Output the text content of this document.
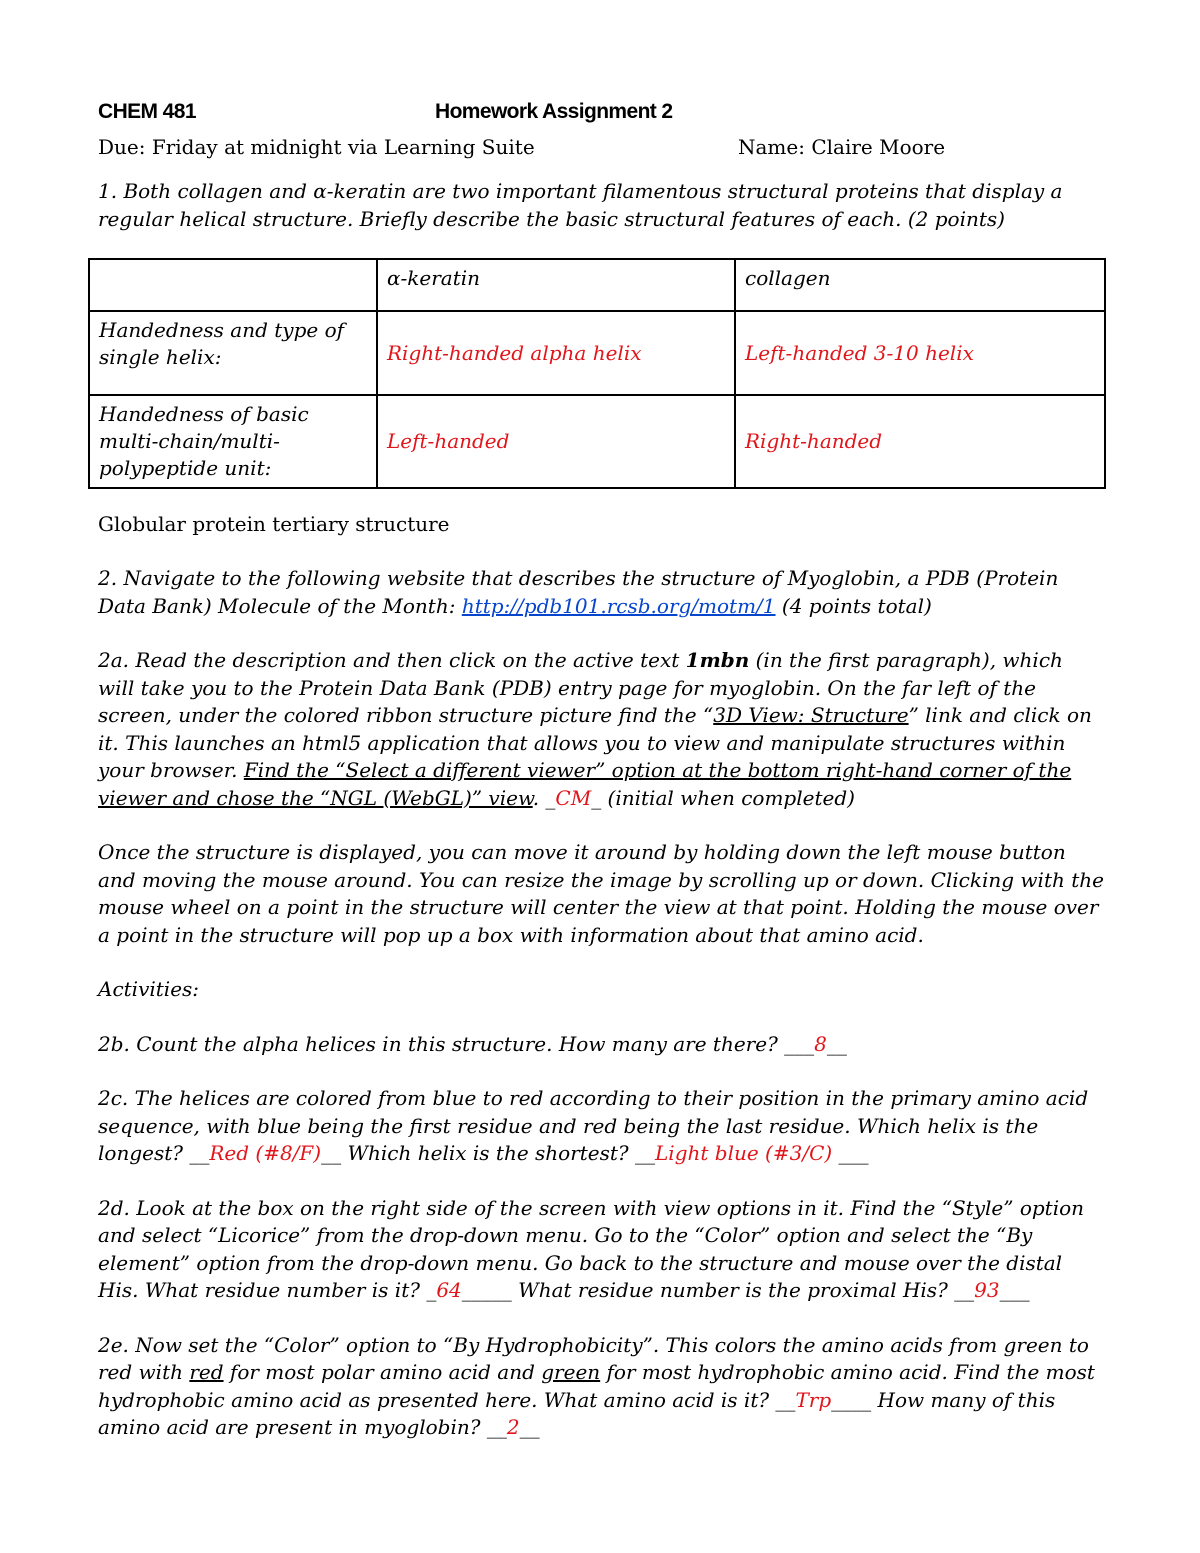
CHEM 481	Homework Assignment 2
Due: Friday at midnight via Learning Suite	Name: Claire Moore

1. Both collagen and α-keratin are two important filamentous structural proteins that display a regular helical structure. Briefly describe the basic structural features of each. (2 points)

	α-keratin	collagen
Handedness and type of single helix:	Right-handed alpha helix	Left-handed 3-10 helix
Handedness of basic multi-chain/multi-polypeptide unit:	Left-handed	Right-handed

Globular protein tertiary structure

2. Navigate to the following website that describes the structure of Myoglobin, a PDB (Protein Data Bank) Molecule of the Month: http://pdb101.rcsb.org/motm/1 (4 points total)

2a. Read the description and then click on the active text 1mbn (in the first paragraph), which will take you to the Protein Data Bank (PDB) entry page for myoglobin. On the far left of the screen, under the colored ribbon structure picture find the “3D View: Structure” link and click on it. This launches an html5 application that allows you to view and manipulate structures within your browser. Find the “Select a different viewer” option at the bottom right-hand corner of the viewer and chose the “NGL (WebGL)” view. _CM_ (initial when completed)

Once the structure is displayed, you can move it around by holding down the left mouse button and moving the mouse around. You can resize the image by scrolling up or down. Clicking with the mouse wheel on a point in the structure will center the view at that point. Holding the mouse over a point in the structure will pop up a box with information about that amino acid.

Activities:

2b. Count the alpha helices in this structure. How many are there? ___8__

2c. The helices are colored from blue to red according to their position in the primary amino acid sequence, with blue being the first residue and red being the last residue. Which helix is the longest? __Red (#8/F)__ Which helix is the shortest? __Light blue (#3/C) ___

2d. Look at the box on the right side of the screen with view options in it. Find the “Style” option and select “Licorice” from the drop-down menu. Go to the “Color” option and select the “By element” option from the drop-down menu. Go back to the structure and mouse over the distal His. What residue number is it? _64_____ What residue number is the proximal His? __93___

2e. Now set the “Color” option to “By Hydrophobicity”. This colors the amino acids from green to red with red for most polar amino acid and green for most hydrophobic amino acid. Find the most hydrophobic amino acid as presented here. What amino acid is it? __Trp____ How many of this amino acid are present in myoglobin? __2__
